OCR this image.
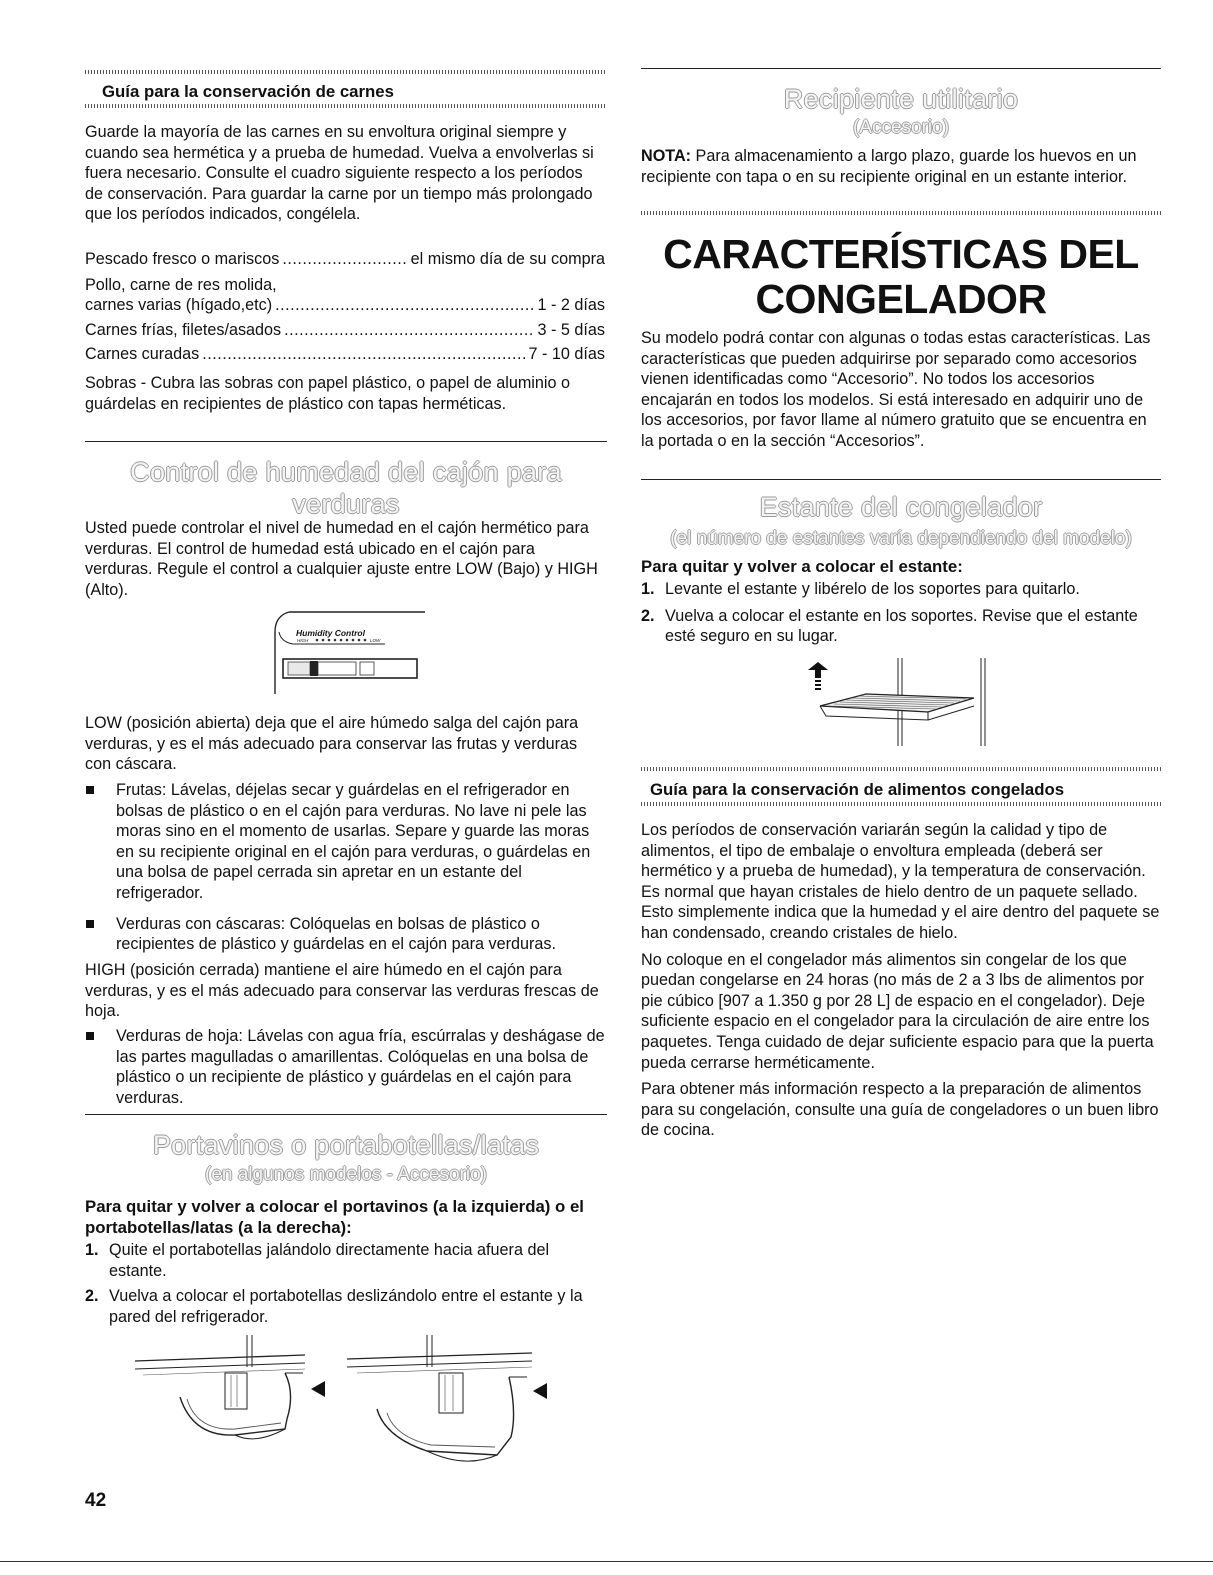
Guía para la conservación de carnes

Guarde la mayoría de las carnes en su envoltura original siempre y cuando sea hermética y a prueba de humedad. Vuelva a envolverlas si fuera necesario. Consulte el cuadro siguiente respecto a los períodos de conservación. Para guardar la carne por un tiempo más prolongado que los períodos indicados, congélela.

Pescado fresco o mariscos . . .	el mismo día de su compra
Pollo, carne de res molida,
carnes varias (hígado,etc) . . .	1 - 2 días
Carnes frías, filetes/asados . . .	3 - 5 días
Carnes curadas . . .	7 - 10 días

Sobras - Cubra las sobras con papel plástico, o papel de aluminio o guárdelas en recipientes de plástico con tapas herméticas.

Control de humedad del cajón para
verduras

Usted puede controlar el nivel de humedad en el cajón hermético para verduras. El control de humedad está ubicado en el cajón para verduras. Regule el control a cualquier ajuste entre LOW (Bajo) y HIGH (Alto).

Humidity Control
HIGH	LOW

LOW (posición abierta) deja que el aire húmedo salga del cajón para verduras, y es el más adecuado para conservar las frutas y verduras con cáscara.

Frutas: Lávelas, déjelas secar y guárdelas en el refrigerador en bolsas de plástico o en el cajón para verduras. No lave ni pele las moras sino en el momento de usarlas. Separe y guarde las moras en su recipiente original en el cajón para verduras, o guárdelas en una bolsa de papel cerrada sin apretar en un estante del refrigerador.
Verduras con cáscaras: Colóquelas en bolsas de plástico o recipientes de plástico y guárdelas en el cajón para verduras.

HIGH (posición cerrada) mantiene el aire húmedo en el cajón para verduras, y es el más adecuado para conservar las verduras frescas de hoja.

Verduras de hoja: Lávelas con agua fría, escúrralas y deshágase de las partes magulladas o amarillentas. Colóquelas en una bolsa de plástico o un recipiente de plástico y guárdelas en el cajón para verduras.
Portavinos o portabotellas/latas
(en algunos modelos - Accesorio)

Para quitar y volver a colocar el portavinos (a la izquierda) o el portabotellas/latas (a la derecha):

1. Quite el portabotellas jalándolo directamente hacia afuera del estante.
2. Vuelva a colocar el portabotellas deslizándolo entre el estante y la pared del refrigerador.
Recipiente utilitario
(Accesorio)

NOTA: Para almacenamiento a largo plazo, guarde los huevos en un recipiente con tapa o en su recipiente original en un estante interior.

CARACTERÍSTICAS DEL
CONGELADOR

Su modelo podrá contar con algunas o todas estas características. Las características que pueden adquirirse por separado como accesorios vienen identificadas como “Accesorio”. No todos los accesorios encajarán en todos los modelos. Si está interesado en adquirir uno de los accesorios, por favor llame al número gratuito que se encuentra en la portada o en la sección “Accesorios”.

Estante del congelador
(el número de estantes varía dependiendo del modelo)

Para quitar y volver a colocar el estante:

1. Levante el estante y libérelo de los soportes para quitarlo.
2. Vuelva a colocar el estante en los soportes. Revise que el estante esté seguro en su lugar.
Guía para la conservación de alimentos congelados

Los períodos de conservación variarán según la calidad y tipo de alimentos, el tipo de embalaje o envoltura empleada (deberá ser hermético y a prueba de humedad), y la temperatura de conservación. Es normal que hayan cristales de hielo dentro de un paquete sellado. Esto simplemente indica que la humedad y el aire dentro del paquete se han condensado, creando cristales de hielo.

No coloque en el congelador más alimentos sin congelar de los que puedan congelarse en 24 horas (no más de 2 a 3 lbs de alimentos por pie cúbico [907 a 1.350 g por 28 L] de espacio en el congelador). Deje suficiente espacio en el congelador para la circulación de aire entre los paquetes. Tenga cuidado de dejar suficiente espacio para que la puerta pueda cerrarse herméticamente.

Para obtener más información respecto a la preparación de alimentos para su congelación, consulte una guía de congeladores o un buen libro de cocina.

42
